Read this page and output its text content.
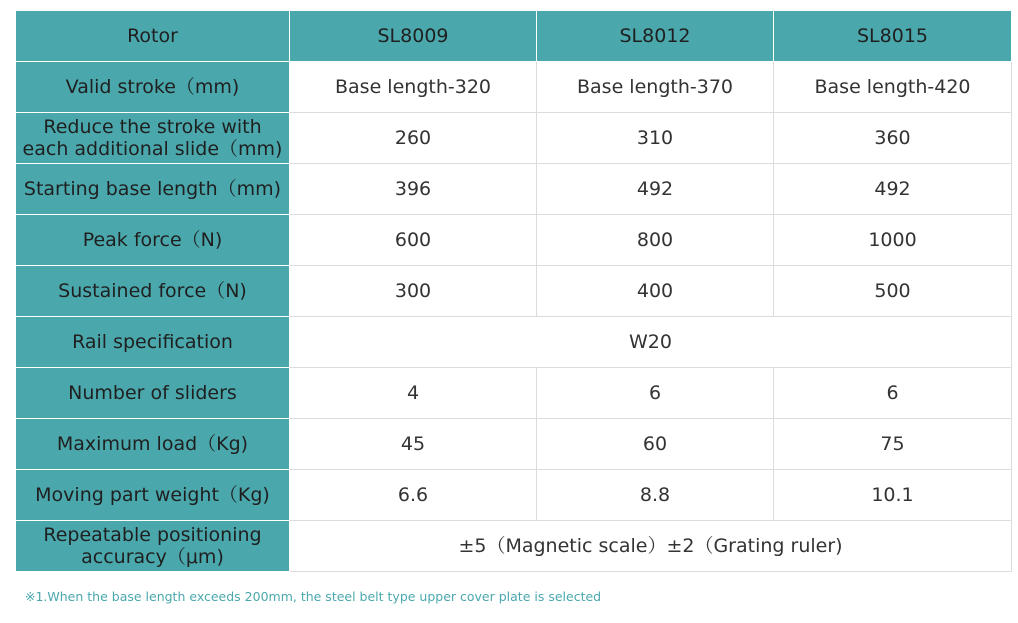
Rotor	SL8009	SL8012	SL8015
Valid stroke（mm)	Base length-320	Base length-370	Base length-420
Reduce the stroke with each additional slide（mm)	260	310	360
Starting base length（mm)	396	492	492
Peak force（N)	600	800	1000
Sustained force（N)	300	400	500
Rail specification	W20		
Number of sliders	4	6	6
Maximum load（Kg)	45	60	75
Moving part weight（Kg)	6.6	8.8	10.1
Repeatable positioning accuracy（μm)	±5（Magnetic scale）±2（Grating ruler)		
※1.When the base length exceeds 200mm, the steel belt type upper cover plate is selected
